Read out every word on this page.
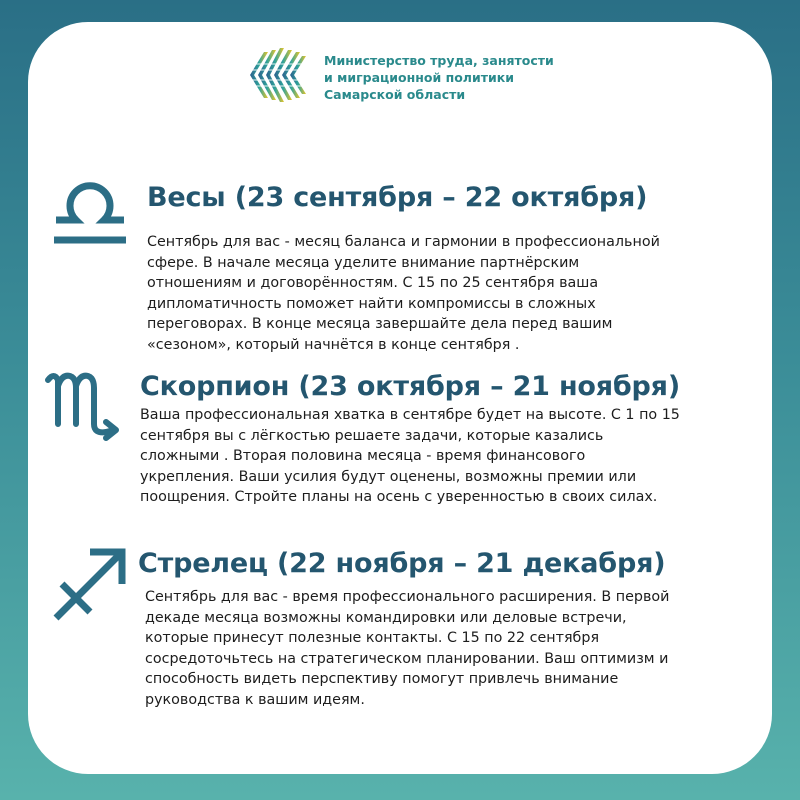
Министерство труда, занятости
и миграционной политики
Самарской области
Весы (23 сентября – 22 октября)
Сентябрь для вас - месяц баланса и гармонии в профессиональной
сфере. В начале месяца уделите внимание партнёрским
отношениям и договорённостям. С 15 по 25 сентября ваша
дипломатичность поможет найти компромиссы в сложных
переговорах. В конце месяца завершайте дела перед вашим
«сезоном», который начнётся в конце сентября .
Скорпион (23 октября – 21 ноября)
Ваша профессиональная хватка в сентябре будет на высоте. С 1 по 15
сентября вы с лёгкостью решаете задачи, которые казались
сложными . Вторая половина месяца - время финансового
укрепления. Ваши усилия будут оценены, возможны премии или
поощрения. Стройте планы на осень с уверенностью в своих силах.
Стрелец (22 ноября – 21 декабря)
Сентябрь для вас - время профессионального расширения. В первой
декаде месяца возможны командировки или деловые встречи,
которые принесут полезные контакты. С 15 по 22 сентября
сосредоточьтесь на стратегическом планировании. Ваш оптимизм и
способность видеть перспективу помогут привлечь внимание
руководства к вашим идеям.
